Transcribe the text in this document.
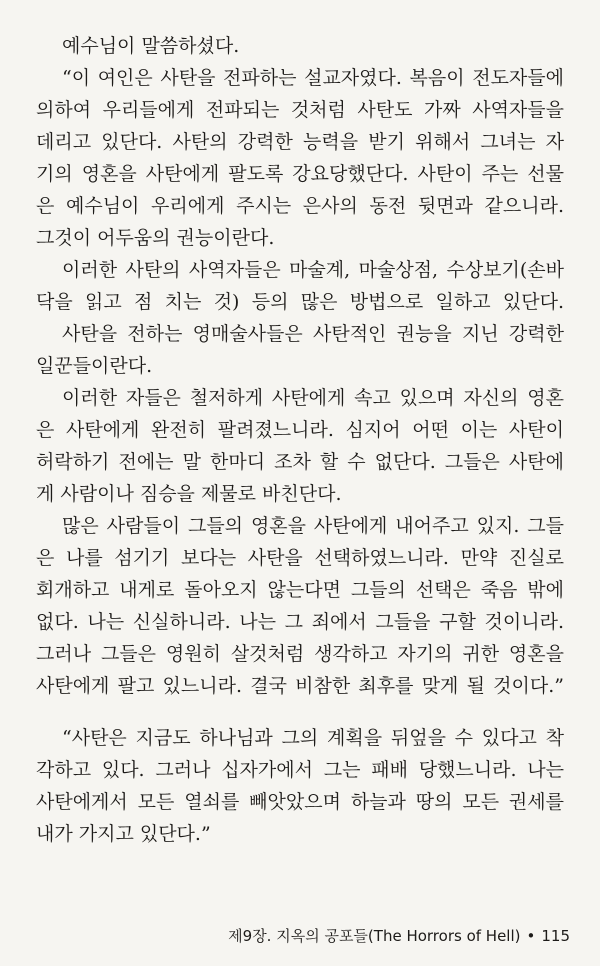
예수님이 말씀하셨다.
“이 여인은 사탄을 전파하는 설교자였다. 복음이 전도자들에
의하여 우리들에게 전파되는 것처럼 사탄도 가짜 사역자들을
데리고 있단다. 사탄의 강력한 능력을 받기 위해서 그녀는 자
기의 영혼을 사탄에게 팔도록 강요당했단다. 사탄이 주는 선물
은 예수님이 우리에게 주시는 은사의 동전 뒷면과 같으니라.
그것이 어두움의 권능이란다.
이러한 사탄의 사역자들은 마술계, 마술상점, 수상보기(손바
닥을 읽고 점 치는 것) 등의 많은 방법으로 일하고 있단다.
사탄을 전하는 영매술사들은 사탄적인 권능을 지닌 강력한
일꾼들이란다.
이러한 자들은 철저하게 사탄에게 속고 있으며 자신의 영혼
은 사탄에게 완전히 팔려졌느니라. 심지어 어떤 이는 사탄이
허락하기 전에는 말 한마디 조차 할 수 없단다. 그들은 사탄에
게 사람이나 짐승을 제물로 바친단다.
많은 사람들이 그들의 영혼을 사탄에게 내어주고 있지. 그들
은 나를 섬기기 보다는 사탄을 선택하였느니라. 만약 진실로
회개하고 내게로 돌아오지 않는다면 그들의 선택은 죽음 밖에
없다. 나는 신실하니라. 나는 그 죄에서 그들을 구할 것이니라.
그러나 그들은 영원히 살것처럼 생각하고 자기의 귀한 영혼을
사탄에게 팔고 있느니라. 결국 비참한 최후를 맞게 될 것이다.”
“사탄은 지금도 하나님과 그의 계획을 뒤엎을 수 있다고 착
각하고 있다. 그러나 십자가에서 그는 패배 당했느니라. 나는
사탄에게서 모든 열쇠를 빼앗았으며 하늘과 땅의 모든 권세를
내가 가지고 있단다.”
제9장. 지옥의 공포들(The Horrors of Hell) • 115
